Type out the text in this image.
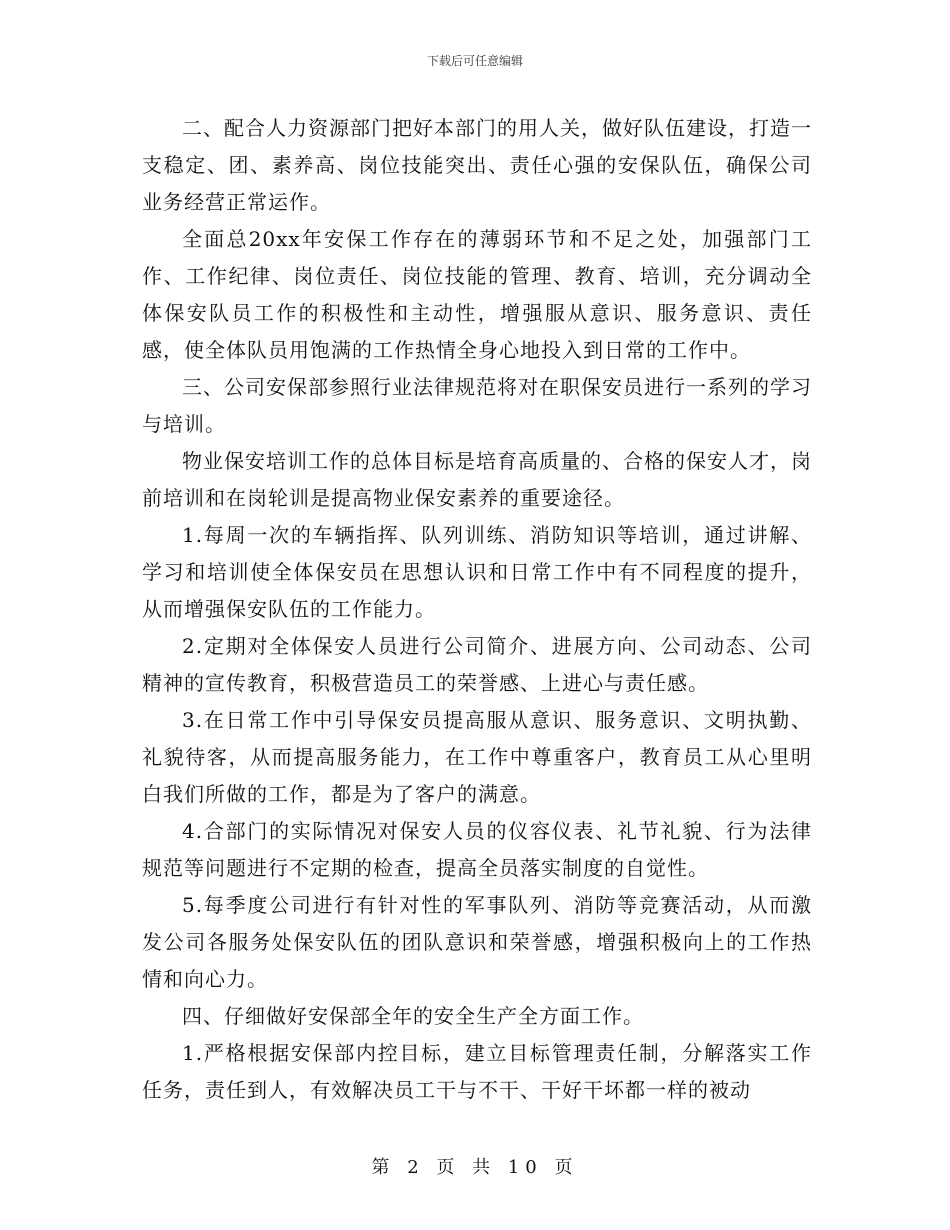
下载后可任意编辑

二、配合人力资源部门把好本部门的用人关，做好队伍建设，打造一支稳定、团、素养高、岗位技能突出、责任心强的安保队伍，确保公司业务经营正常运作。

全面总20xx年安保工作存在的薄弱环节和不足之处，加强部门工作、工作纪律、岗位责任、岗位技能的管理、教育、培训，充分调动全体保安队员工作的积极性和主动性，增强服从意识、服务意识、责任感，使全体队员用饱满的工作热情全身心地投入到日常的工作中。

三、公司安保部参照行业法律规范将对在职保安员进行一系列的学习与培训。

物业保安培训工作的总体目标是培育高质量的、合格的保安人才，岗前培训和在岗轮训是提高物业保安素养的重要途径。

1.每周一次的车辆指挥、队列训练、消防知识等培训，通过讲解、学习和培训使全体保安员在思想认识和日常工作中有不同程度的提升，从而增强保安队伍的工作能力。

2.定期对全体保安人员进行公司简介、进展方向、公司动态、公司精神的宣传教育，积极营造员工的荣誉感、上进心与责任感。

3.在日常工作中引导保安员提高服从意识、服务意识、文明执勤、礼貌待客，从而提高服务能力，在工作中尊重客户，教育员工从心里明白我们所做的工作，都是为了客户的满意。

4.合部门的实际情况对保安人员的仪容仪表、礼节礼貌、行为法律规范等问题进行不定期的检查，提高全员落实制度的自觉性。

5.每季度公司进行有针对性的军事队列、消防等竞赛活动，从而激发公司各服务处保安队伍的团队意识和荣誉感，增强积极向上的工作热情和向心力。

四、仔细做好安保部全年的安全生产全方面工作。

1.严格根据安保部内控目标，建立目标管理责任制，分解落实工作任务，责任到人，有效解决员工干与不干、干好干坏都一样的被动

第 2 页 共 10 页
